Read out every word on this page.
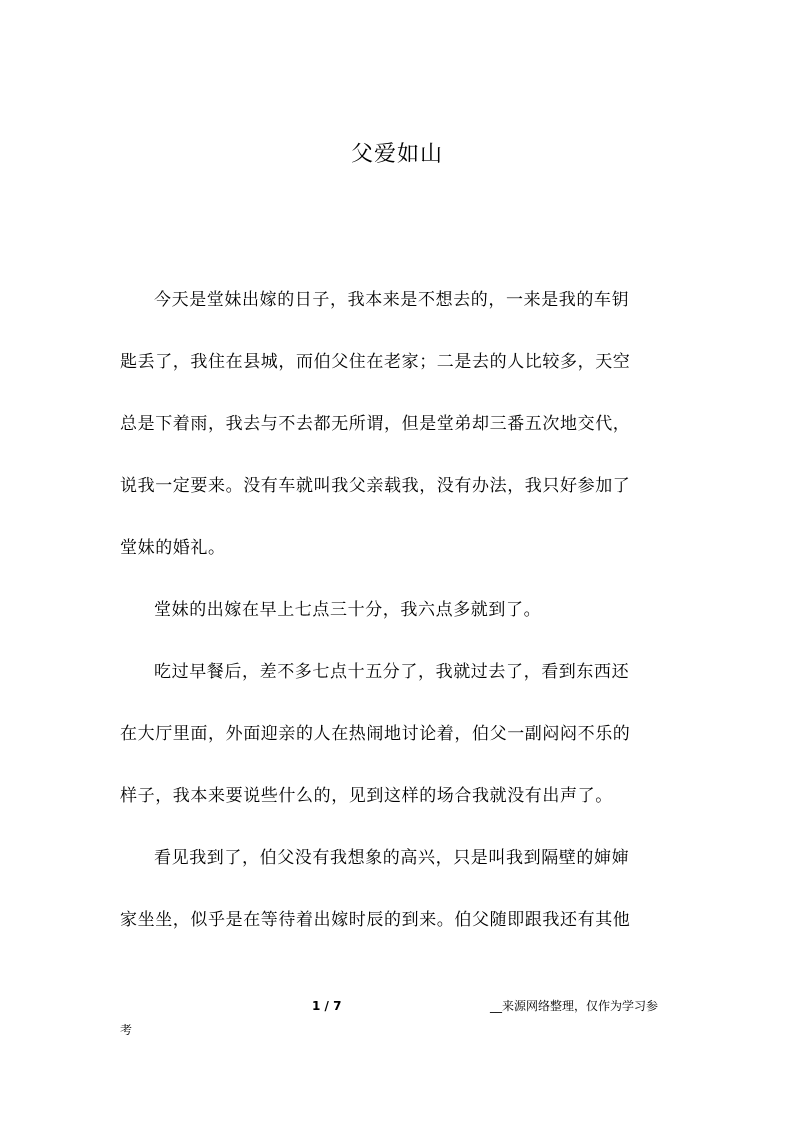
父爱如山
今天是堂妹出嫁的日子，我本来是不想去的，一来是我的车钥
匙丢了，我住在县城，而伯父住在老家；二是去的人比较多，天空
总是下着雨，我去与不去都无所谓，但是堂弟却三番五次地交代，
说我一定要来。没有车就叫我父亲载我，没有办法，我只好参加了
堂妹的婚礼。
堂妹的出嫁在早上七点三十分，我六点多就到了。
吃过早餐后，差不多七点十五分了，我就过去了，看到东西还
在大厅里面，外面迎亲的人在热闹地讨论着，伯父一副闷闷不乐的
样子，我本来要说些什么的，见到这样的场合我就没有出声了。
看见我到了，伯父没有我想象的高兴，只是叫我到隔壁的婶婶
家坐坐，似乎是在等待着出嫁时辰的到来。伯父随即跟我还有其他
1 / 7	__来源网络整理，仅作为学习参
考
